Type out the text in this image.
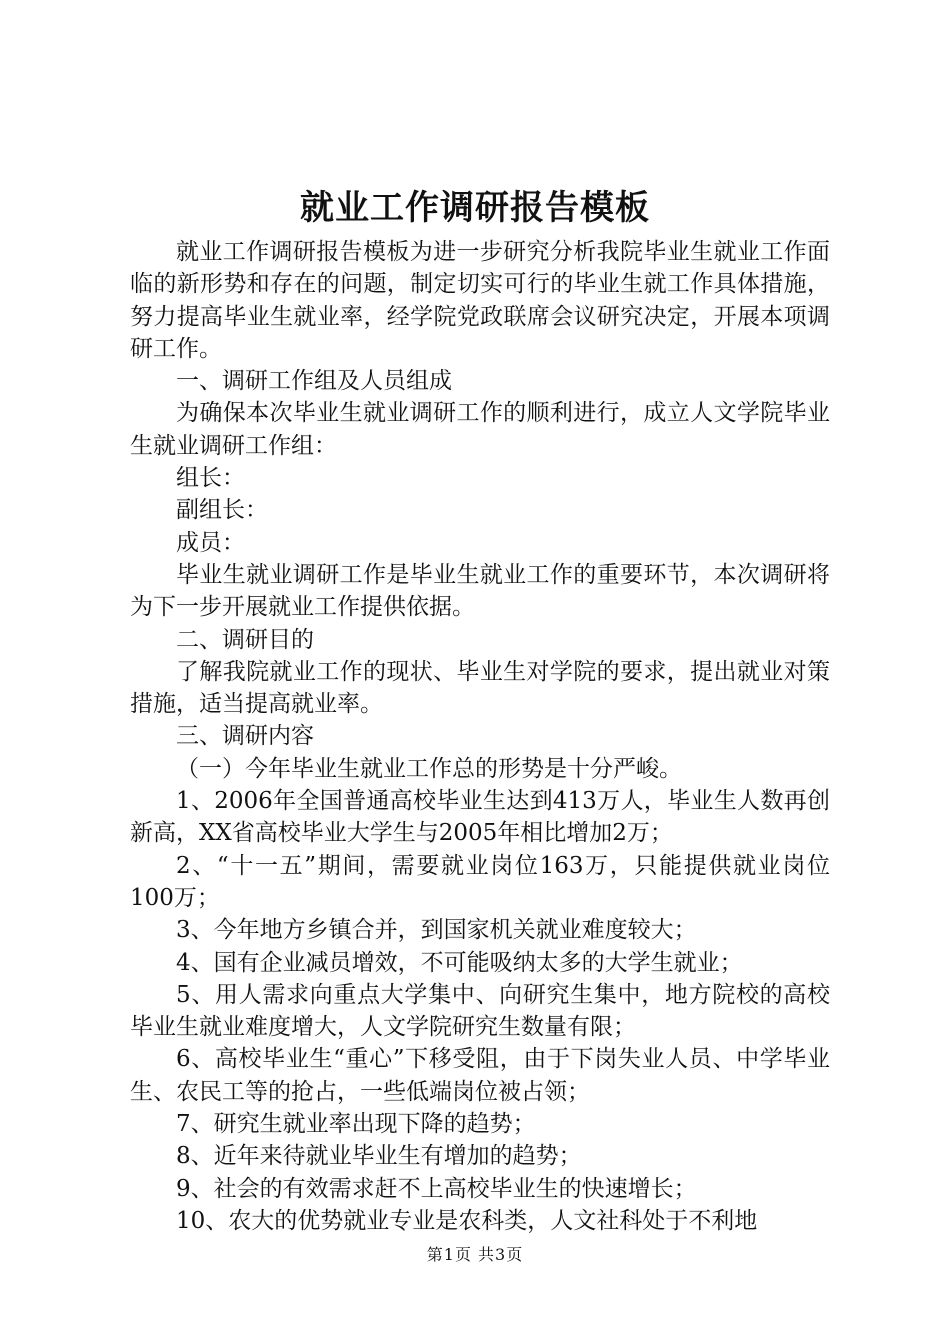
就业工作调研报告模板

就业工作调研报告模板为进一步研究分析我院毕业生就业工作面临的新形势和存在的问题，制定切实可行的毕业生就工作具体措施，努力提高毕业生就业率，经学院党政联席会议研究决定，开展本项调研工作。

一、调研工作组及人员组成

为确保本次毕业生就业调研工作的顺利进行，成立人文学院毕业生就业调研工作组：

组长：

副组长：

成员：

毕业生就业调研工作是毕业生就业工作的重要环节，本次调研将为下一步开展就业工作提供依据。

二、调研目的

了解我院就业工作的现状、毕业生对学院的要求，提出就业对策措施，适当提高就业率。

三、调研内容

（一）今年毕业生就业工作总的形势是十分严峻。

1、2006年全国普通高校毕业生达到413万人，毕业生人数再创新高，XX省高校毕业大学生与2005年相比增加2万；

2、“十一五”期间，需要就业岗位163万，只能提供就业岗位100万；

3、今年地方乡镇合并，到国家机关就业难度较大；

4、国有企业减员增效，不可能吸纳太多的大学生就业；

5、用人需求向重点大学集中、向研究生集中，地方院校的高校毕业生就业难度增大，人文学院研究生数量有限；

6、高校毕业生“重心”下移受阻，由于下岗失业人员、中学毕业生、农民工等的抢占，一些低端岗位被占领；

7、研究生就业率出现下降的趋势；

8、近年来待就业毕业生有增加的趋势；

9、社会的有效需求赶不上高校毕业生的快速增长；

10、农大的优势就业专业是农科类，人文社科处于不利地

第1页 共3页
